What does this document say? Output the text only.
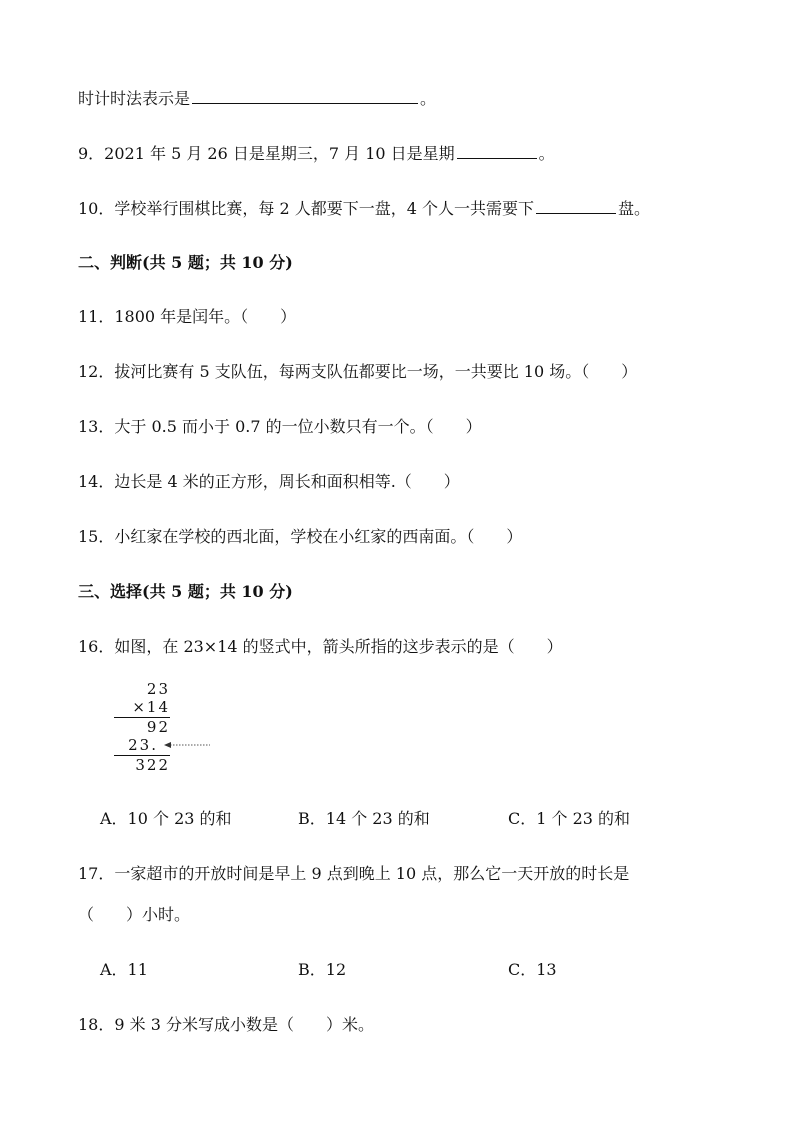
时计时法表示是	。
9．2021 年 5 月 26 日是星期三，7 月 10 日是星期	。
10．学校举行围棋比赛，每 2 人都要下一盘，4 个人一共需要下	盘。
二、判断(共 5 题；共 10 分)
11．1800 年是闰年。（　　）
12．拔河比赛有 5 支队伍，每两支队伍都要比一场，一共要比 10 场。（　　）
13．大于 0.5 而小于 0.7 的一位小数只有一个。（　　）
14．边长是 4 米的正方形，周长和面积相等.（　　）
15．小红家在学校的西北面，学校在小红家的西南面。（　　）
三、选择(共 5 题；共 10 分)
16．如图，在 23×14 的竖式中，箭头所指的这步表示的是（　　）
23
×14
92
23.
322
A．10 个 23 的和	B．14 个 23 的和	C．1 个 23 的和
17．一家超市的开放时间是早上 9 点到晚上 10 点，那么它一天开放的时长是
（　　）小时。
A．11	B．12	C．13
18．9 米 3 分米写成小数是（　　）米。
